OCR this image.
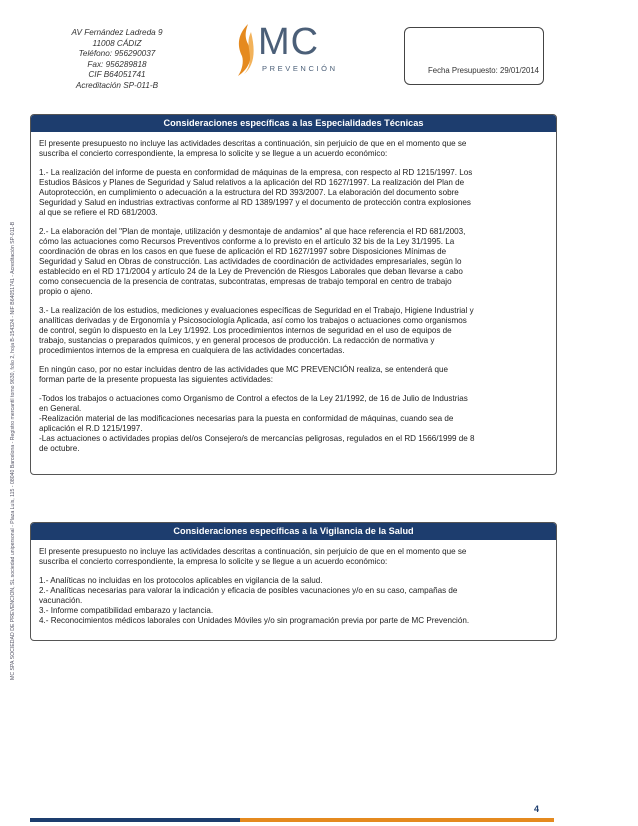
AV Fernández Ladreda 9
11008 CÁDIZ
Teléfono: 956290037
Fax: 956289818
CIF B64051741
Acreditación SP-011-B
MC
PREVENCIÓN	Fecha Presupuesto: 29/01/2014
MC SPA SOCIEDAD DE PREVENCIÓN, SL sociedad unipersonal - Plaza Luis, 115 - 08040 Barcelona - Registro mercantil tomo 9630, folio 2, hoja B-154324 - NIF B64051741 - Acreditación SP-011-B
Consideraciones específicas a las Especialidades Técnicas
El presente presupuesto no incluye las actividades descritas a continuación, sin perjuicio de que en el momento que se
suscriba el concierto correspondiente, la empresa lo solicite y se llegue a un acuerdo económico:
1.- La realización del informe de puesta en conformidad de máquinas de la empresa, con respecto al RD 1215/1997. Los
Estudios Básicos y Planes de Seguridad y Salud relativos a la aplicación del RD 1627/1997. La realización del Plan de
Autoprotección, en cumplimiento o adecuación a la estructura del RD 393/2007. La elaboración del documento sobre
Seguridad y Salud en industrias extractivas conforme al RD 1389/1997 y el documento de protección contra explosiones
al que se refiere el RD 681/2003.
2.- La elaboración del "Plan de montaje, utilización y desmontaje de andamios" al que hace referencia el RD 681/2003,
cómo las actuaciones como Recursos Preventivos conforme a lo previsto en el artículo 32 bis de la Ley 31/1995. La
coordinación de obras en los casos en que fuese de aplicación el RD 1627/1997 sobre Disposiciones Mínimas de
Seguridad y Salud en Obras de construcción. Las actividades de coordinación de actividades empresariales, según lo
establecido en el RD 171/2004 y artículo 24 de la Ley de Prevención de Riesgos Laborales que deban llevarse a cabo
como consecuencia de la presencia de contratas, subcontratas, empresas de trabajo temporal en centro de trabajo
propio o ajeno.
3.- La realización de los estudios, mediciones y evaluaciones específicas de Seguridad en el Trabajo, Higiene Industrial y
analíticas derivadas y de Ergonomía y Psicosociología Aplicada, así como los trabajos o actuaciones como organismos
de control, según lo dispuesto en la Ley 1/1992. Los procedimientos internos de seguridad en el uso de equipos de
trabajo, sustancias o preparados químicos, y en general procesos de producción. La redacción de normativa y
procedimientos internos de la empresa en cualquiera de las actividades concertadas.
En ningún caso, por no estar incluidas dentro de las actividades que MC PREVENCIÓN realiza, se entenderá que
forman parte de la presente propuesta las siguientes actividades:
-Todos los trabajos o actuaciones como Organismo de Control a efectos de la Ley 21/1992, de 16 de Julio de Industrias
en General.
-Realización material de las modificaciones necesarias para la puesta en conformidad de máquinas, cuando sea de
aplicación el R.D 1215/1997.
-Las actuaciones o actividades propias del/os Consejero/s de mercancías peligrosas, regulados en el RD 1566/1999 de 8
de octubre.
Consideraciones específicas a la Vigilancia de la Salud
El presente presupuesto no incluye las actividades descritas a continuación, sin perjuicio de que en el momento que se
suscriba el concierto correspondiente, la empresa lo solicite y se llegue a un acuerdo económico:
1.- Analíticas no incluidas en los protocolos aplicables en vigilancia de la salud.
2.- Analíticas necesarias para valorar la indicación y eficacia de posibles vacunaciones y/o en su caso, campañas de
vacunación.
3.- Informe compatibilidad embarazo y lactancia.
4.- Reconocimientos médicos laborales con Unidades Móviles y/o sin programación previa por parte de MC Prevención.
4
